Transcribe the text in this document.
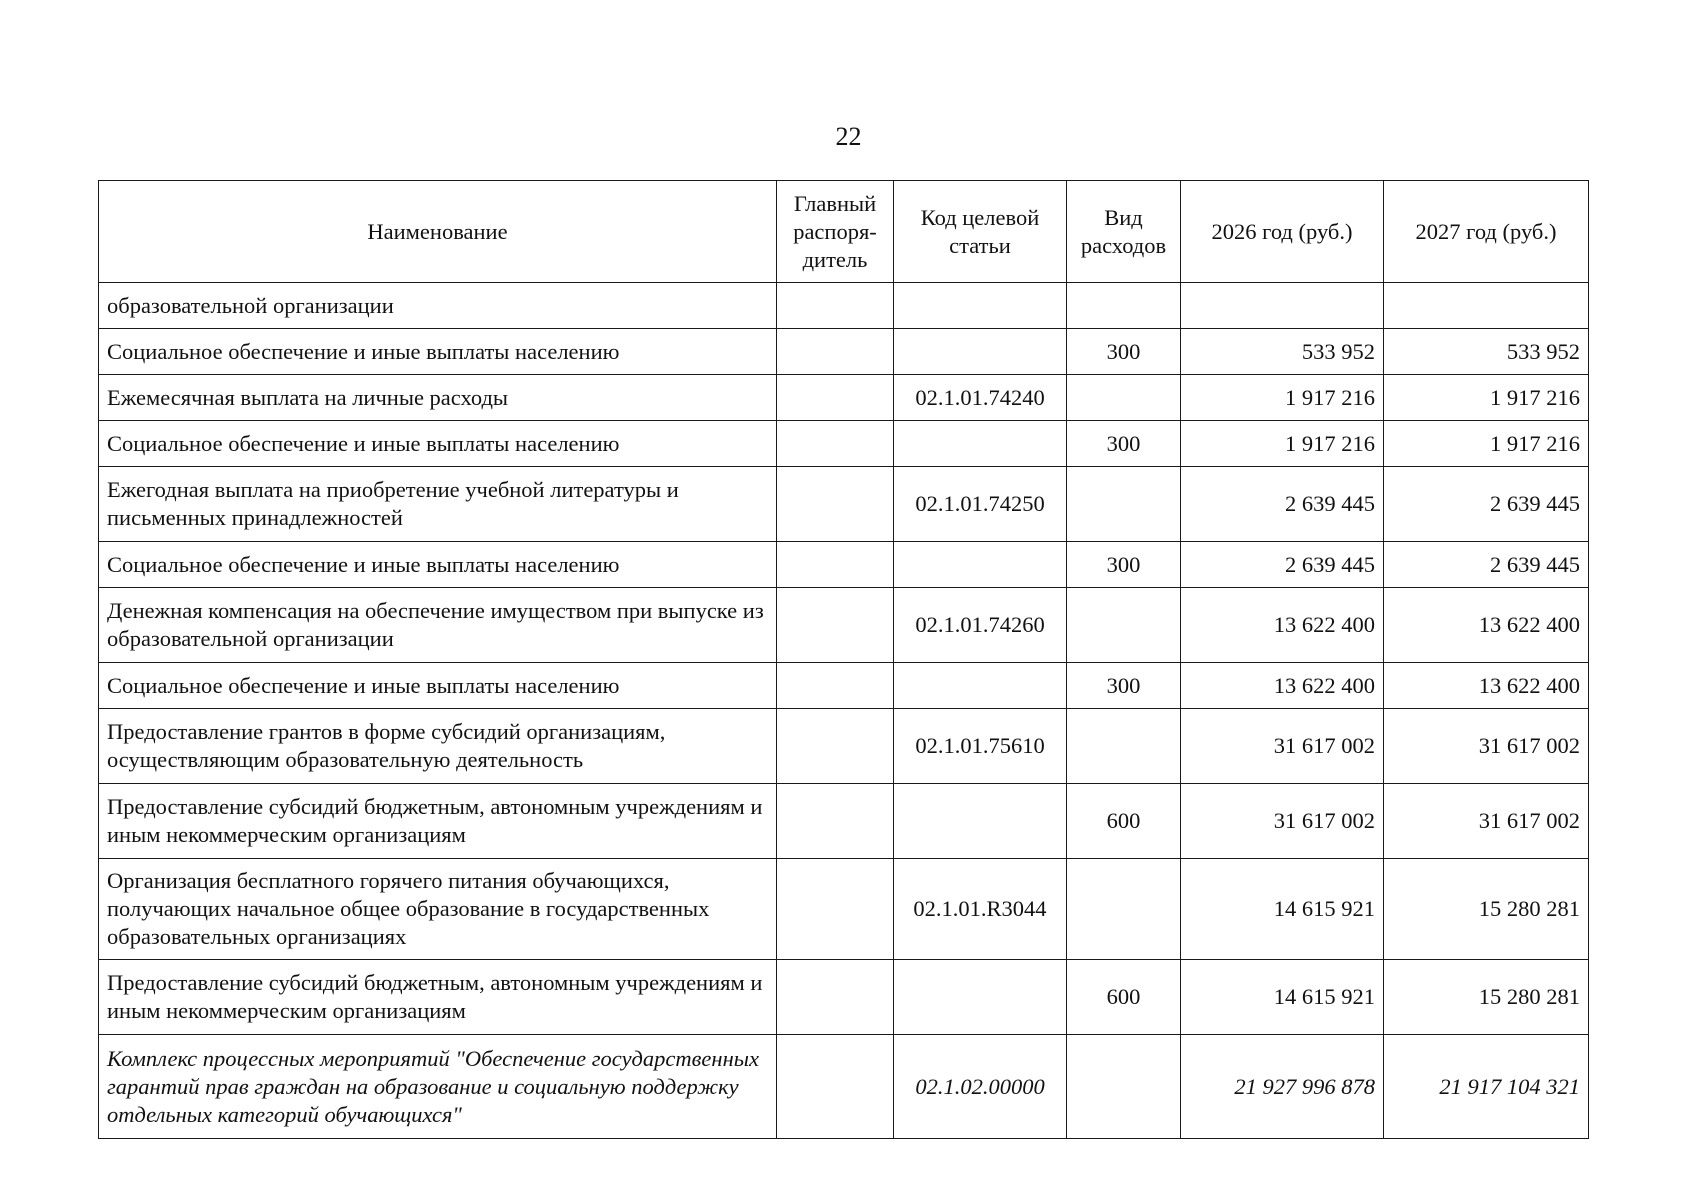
22
Наименование	Главный распоря-дитель	Код целевой статьи	Вид расходов	2026 год (руб.)	2027 год (руб.)
образовательной организации					
Социальное обеспечение и иные выплаты населению			300	533 952	533 952
Ежемесячная выплата на личные расходы		02.1.01.74240		1 917 216	1 917 216
Социальное обеспечение и иные выплаты населению			300	1 917 216	1 917 216
Ежегодная выплата на приобретение учебной литературы и письменных принадлежностей		02.1.01.74250		2 639 445	2 639 445
Социальное обеспечение и иные выплаты населению			300	2 639 445	2 639 445
Денежная компенсация на обеспечение имуществом при выпуске из образовательной организации		02.1.01.74260		13 622 400	13 622 400
Социальное обеспечение и иные выплаты населению			300	13 622 400	13 622 400
Предоставление грантов в форме субсидий организациям, осуществляющим образовательную деятельность		02.1.01.75610		31 617 002	31 617 002
Предоставление субсидий бюджетным, автономным учреждениям и иным некоммерческим организациям			600	31 617 002	31 617 002
Организация бесплатного горячего питания обучающихся, получающих начальное общее образование в государственных образовательных организациях		02.1.01.R3044		14 615 921	15 280 281
Предоставление субсидий бюджетным, автономным учреждениям и иным некоммерческим организациям			600	14 615 921	15 280 281
Комплекс процессных мероприятий "Обеспечение государственных гарантий прав граждан на образование и социальную поддержку отдельных категорий обучающихся"		02.1.02.00000		21 927 996 878	21 917 104 321
